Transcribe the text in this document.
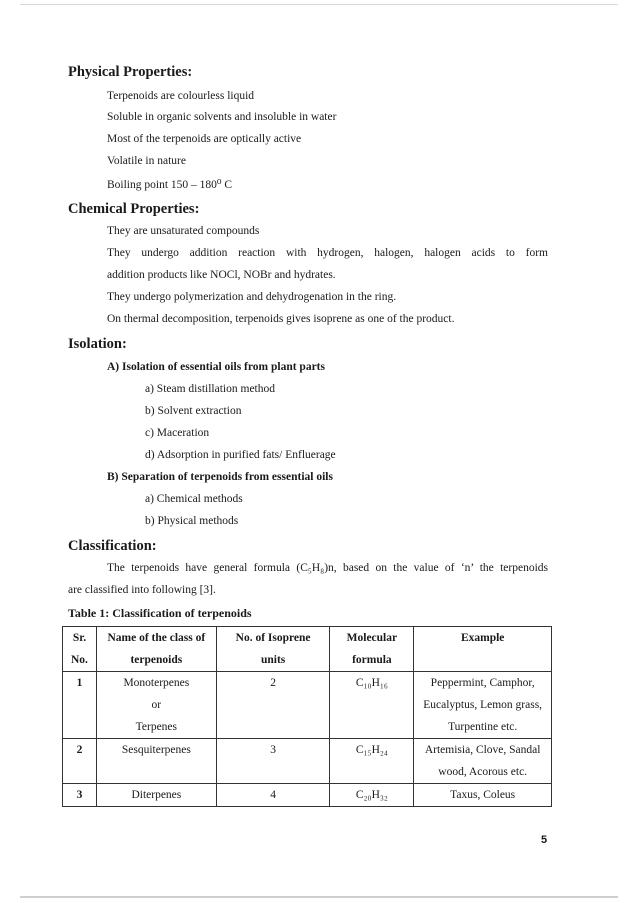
Physical Properties:
Terpenoids are colourless liquid
Soluble in organic solvents and insoluble in water
Most of the terpenoids are optically active
Volatile in nature
Boiling point 150 – 180⁰ C
Chemical Properties:
They are unsaturated compounds
They undergo addition reaction with hydrogen, halogen, halogen acids to form
addition products like NOCl, NOBr and hydrates.
They undergo polymerization and dehydrogenation in the ring.
On thermal decomposition, terpenoids gives isoprene as one of the product.
Isolation:
A) Isolation of essential oils from plant parts
a) Steam distillation method
b) Solvent extraction
c) Maceration
d) Adsorption in purified fats/ Enfluerage
B) Separation of terpenoids from essential oils
a) Chemical methods
b) Physical methods
Classification:
The terpenoids have general formula (C₅H₈)n, based on the value of ‘n’ the terpenoids
are classified into following [3].
Table 1: Classification of terpenoids
Sr.	Name of the class of	No. of Isoprene	Molecular	Example
No.	terpenoids	units	formula	
1	Monoterpenes	2	C₁₀H₁₆	Peppermint, Camphor,
	or			Eucalyptus, Lemon grass,
	Terpenes			Turpentine etc.
2	Sesquiterpenes	3	C₁₅H₂₄	Artemisia, Clove, Sandal
				wood, Acorous etc.
3	Diterpenes	4	C₂₀H₃₂	Taxus, Coleus
5
